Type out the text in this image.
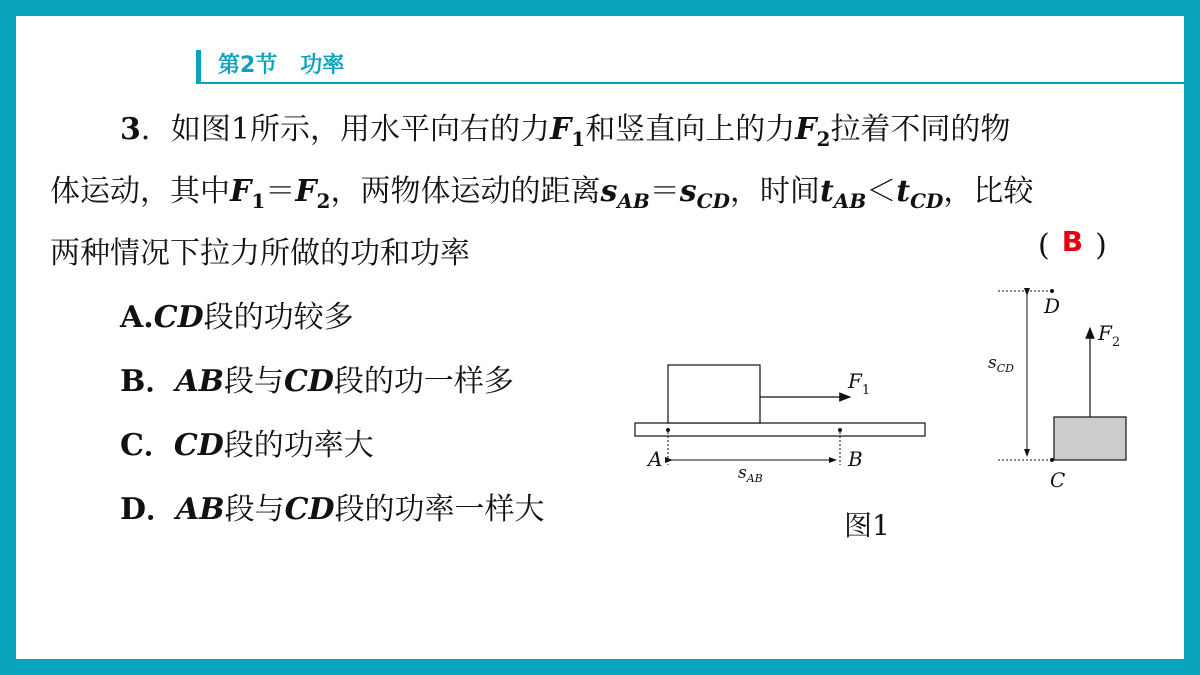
第2节 功率
3．如图1所示，用水平向右的力$F_1$和竖直向上的力$F_2$拉着不同的物
体运动，其中$F_1=F_2$，两物体运动的距离$s_{AB}=s_{CD}$，时间$t_{AB}<t_{CD}$，比较
两种情况下拉力所做的功和功率	( B )
A.CD段的功较多
B．AB段与CD段的功一样多
C．CD段的功率大
D．AB段与CD段的功率一样大
$F_1$
A	B
$s_{AB}$
$s_{CD}$
$F_2$
D
C
图1
